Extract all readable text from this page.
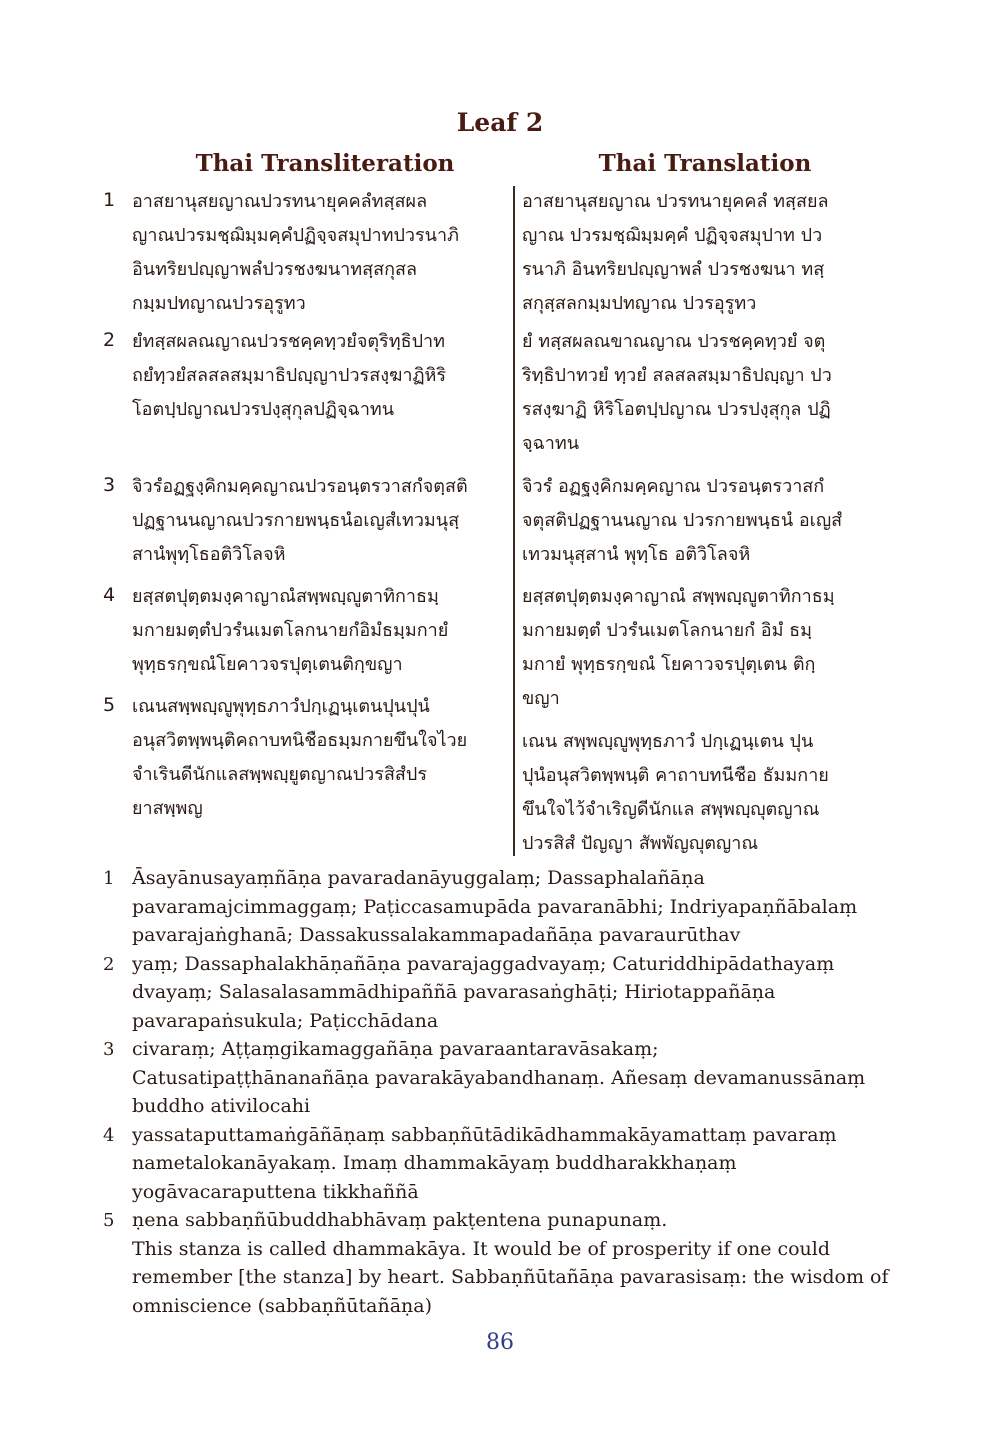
Leaf 2
Thai Transliteration	Thai Translation
1 อาสยานุสยญาณปวรทนายุคคลํทสฺสผล
ญาณปวรมชฺฌิมฺมคฺคํปฏิจฺจสมุปาทปวรนาภิ
อินทริยปญฺญาพลํปวรชงฆนาทสฺสกุสล
กมฺมปทญาณปวรอุรูทว
อาสยานุสยญาณ ปวรทนายุคคลํ ทสฺสยล
ญาณ ปวรมชฺฌิมฺมคฺคํ ปฏิจฺจสมุปาท ปว
รนาภิ อินทริยปญฺญาพลํ ปวรชงฆนา ทสฺ
สกุสฺสลกมฺมปทญาณ ปวรอุรูทว
2 ยํทสฺสผลณญาณปวรชคฺคทฺวยํจตุริทฺธิปาท
ถยํทฺวยํสลสลสมฺมาธิปญฺญาปวรสงฺฆาฏิหิริ
โอตปฺปญาณปวรปงฺสุกุลปฏิจฺฉาทน
ยํ ทสฺสผลณขาณญาณ ปวรชคฺคทฺวยํ จตุ
ริทฺธิปาทวยํ ทฺวยํ สลสลสมฺมาธิปญฺญา ปว
รสงฺฆาฏิ หิริโอตปฺปญาณ ปวรปงฺสุกุล ปฏิ
จฺฉาทน
3 จิวรํอฏฐงฺคิกมคฺคญาณปวรอนฺตรวาสกํจตฺสติ
ปฏฐานนญาณปวรกายพนฺธนํอเญสํเทวมนุสฺ
สานํพุทฺโธอติวิโลจหิ
จิวรํ อฏฐงฺคิกมคฺคญาณ ปวรอนฺตรวาสกํ
จตุสติปฏฐานนญาณ ปวรกายพนฺธนํ อเญสํ
เทวมนุสฺสานํ พุทฺโธ อติวิโลจหิ
4 ยสฺสตปุตฺตมงฺคาญาณํสพฺพญฺญูตาทิกาธมฺ
มกายมตฺตํปวรํนเมตโลกนายกํอิมํธมฺมกายํ
พุทฺธรกฺขณํโยคาวจรปุตฺเตนติกฺขญา
ยสฺสตปุตฺตมงฺคาญาณํ สพฺพญฺญูตาทิกาธมฺ
มกายมตฺตํ ปวรํนเมตโลกนายกํ อิมํ ธมฺ
มกายํ พุทฺธรกฺขณํ โยคาวจรปุตฺเตน ติกฺ
ขญา
5 เณนสพฺพญฺญูพุทฺธภาวํปกฺเฏนฺเตนปุนปุนํ
อนุสวิตพฺพนฺติคถาบทนิชือธมฺมกายขึนใจไวย
จำเรินดีนักแลสพฺพญฺยูตญาณปวรสิสํปร
ยาสพฺพญ
เณน สพฺพญฺญูพุทฺธภาวํ ปกฺเฏนฺเตน ปุน
ปุนํอนุสวิตพฺพนฺติ คาถาบทนีชือ ธัมมกาย
ขึนใจไว้จำเริญดีนักแล สพฺพญฺญุตญาณ
ปวรสิสํ ปัญญา สัพพัญญุตญาณ
1 Āsayānusayaṃñāṇa pavaradanāyuggalaṃ; Dassaphalañāṇa
pavaramajcimmaggaṃ; Paṭiccasamupāda pavaranābhi; Indriyapaṇñābalaṃ
pavarajaṅghanā; Dassakussalakammapadañāṇa pavaraurūthav
2 yaṃ; Dassaphalakhāṇañāṇa pavarajaggadvayaṃ; Caturiddhipādathayaṃ
dvayaṃ; Salasalasammādhipaññā pavarasaṅghāṭi; Hiriotappañāṇa
pavarapaṅsukula; Paṭicchādana
3 civaraṃ; Aṭṭaṃgikamaggañāṇa pavaraantaravāsakaṃ;
Catusatipaṭṭhānanañāṇa pavarakāyabandhanaṃ. Añesaṃ devamanussānaṃ
buddho ativilocahi
4 yassataputtamaṅgāñāṇaṃ sabbaṇñūtādikādhammakāyamattaṃ pavaraṃ
nametalokanāyakaṃ. Imaṃ dhammakāyaṃ buddharakkhaṇaṃ
yogāvacaraputtena tikkhaññā
5 ṇena sabbaṇñūbuddhabhāvaṃ pakṭentena punapunaṃ.
This stanza is called dhammakāya. It would be of prosperity if one could
remember [the stanza] by heart. Sabbaṇñūtañāṇa pavarasisaṃ: the wisdom of
omniscience (sabbaṇñūtañāṇa)
86
